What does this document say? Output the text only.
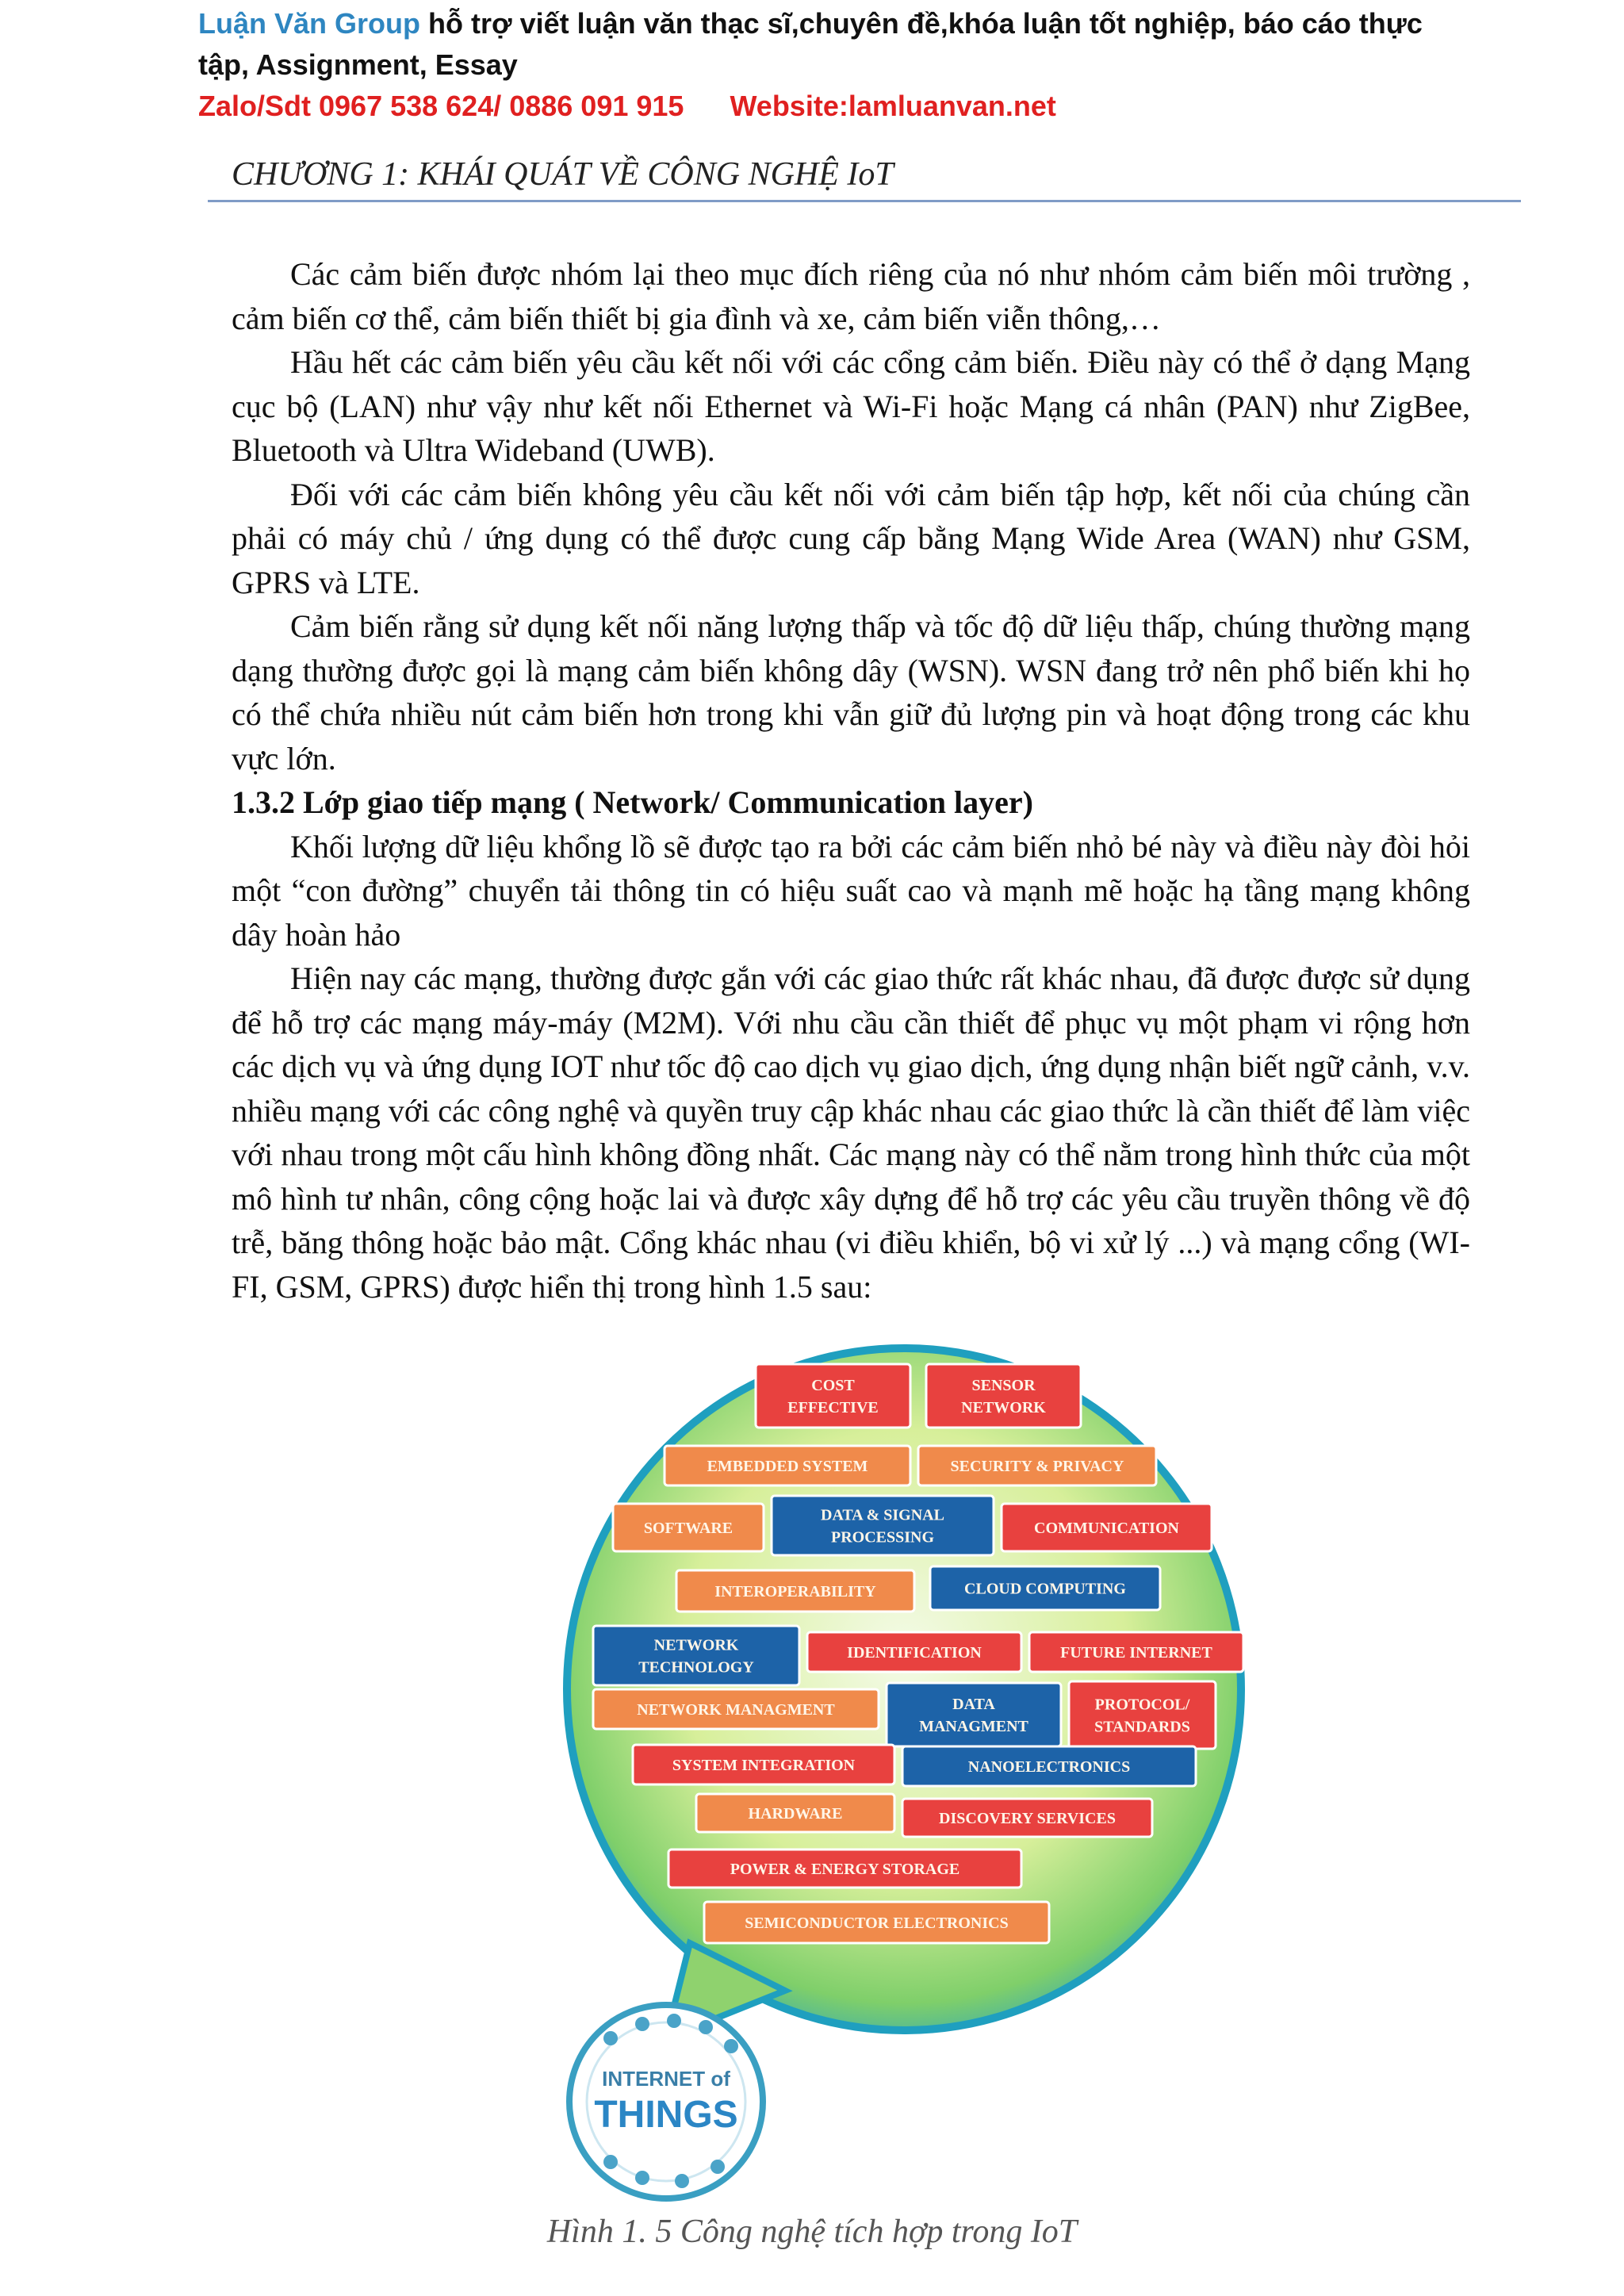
Luận Văn Group hỗ trợ viết luận văn thạc sĩ,chuyên đề,khóa luận tốt nghiệp, báo cáo thực
tập, Assignment, Essay
Zalo/Sdt 0967 538 624/ 0886 091 915 Website:lamluanvan.net
CHƯƠNG 1: KHÁI QUÁT VỀ CÔNG NGHỆ IoT

Các cảm biến được nhóm lại theo mục đích riêng của nó như nhóm cảm biến môi trường , cảm biến cơ thể, cảm biến thiết bị gia đình và xe, cảm biến viễn thông,…

Hầu hết các cảm biến yêu cầu kết nối với các cổng cảm biến. Điều này có thể ở dạng Mạng cục bộ (LAN) như vậy như kết nối Ethernet và Wi-Fi hoặc Mạng cá nhân (PAN) như ZigBee, Bluetooth và Ultra Wideband (UWB).

Đối với các cảm biến không yêu cầu kết nối với cảm biến tập hợp, kết nối của chúng cần phải có máy chủ / ứng dụng có thể được cung cấp bằng Mạng Wide Area (WAN) như GSM, GPRS và LTE.

Cảm biến rằng sử dụng kết nối năng lượng thấp và tốc độ dữ liệu thấp, chúng thường mạng dạng thường được gọi là mạng cảm biến không dây (WSN). WSN đang trở nên phổ biến khi họ có thể chứa nhiều nút cảm biến hơn trong khi vẫn giữ đủ lượng pin và hoạt động trong các khu vực lớn.

1.3.2 Lớp giao tiếp mạng ( Network/ Communication layer)

Khối lượng dữ liệu khổng lồ sẽ được tạo ra bởi các cảm biến nhỏ bé này và điều này đòi hỏi một “con đường” chuyển tải thông tin có hiệu suất cao và mạnh mẽ hoặc hạ tầng mạng không dây hoàn hảo

Hiện nay các mạng, thường được gắn với các giao thức rất khác nhau, đã được được sử dụng để hỗ trợ các mạng máy-máy (M2M). Với nhu cầu cần thiết để phục vụ một phạm vi rộng hơn các dịch vụ và ứng dụng IOT như tốc độ cao dịch vụ giao dịch, ứng dụng nhận biết ngữ cảnh, v.v. nhiều mạng với các công nghệ và quyền truy cập khác nhau các giao thức là cần thiết để làm việc với nhau trong một cấu hình không đồng nhất. Các mạng này có thể nằm trong hình thức của một mô hình tư nhân, công cộng hoặc lai và được xây dựng để hỗ trợ các yêu cầu truyền thông về độ trễ, băng thông hoặc bảo mật. Cổng khác nhau (vi điều khiển, bộ vi xử lý ...) và mạng cổng (WI-FI, GSM, GPRS) được hiển thị trong hình 1.5 sau:

COST
EFFECTIVE
SENSOR
NETWORK
EMBEDDED SYSTEM	SECURITY & PRIVACY
SOFTWARE
DATA & SIGNAL
PROCESSING
COMMUNICATION
INTEROPERABILITY	CLOUD COMPUTING
NETWORK
TECHNOLOGY
IDENTIFICATION	FUTURE INTERNET
NETWORK MANAGMENT	DATA
MANAGMENT
PROTOCOL/
STANDARDS
SYSTEM INTEGRATION	NANOELECTRONICS
HARDWARE	DISCOVERY SERVICES
POWER & ENERGY STORAGE
SEMICONDUCTOR ELECTRONICS
INTERNET of
THINGS
Hình 1. 5 Công nghệ tích hợp trong IoT
